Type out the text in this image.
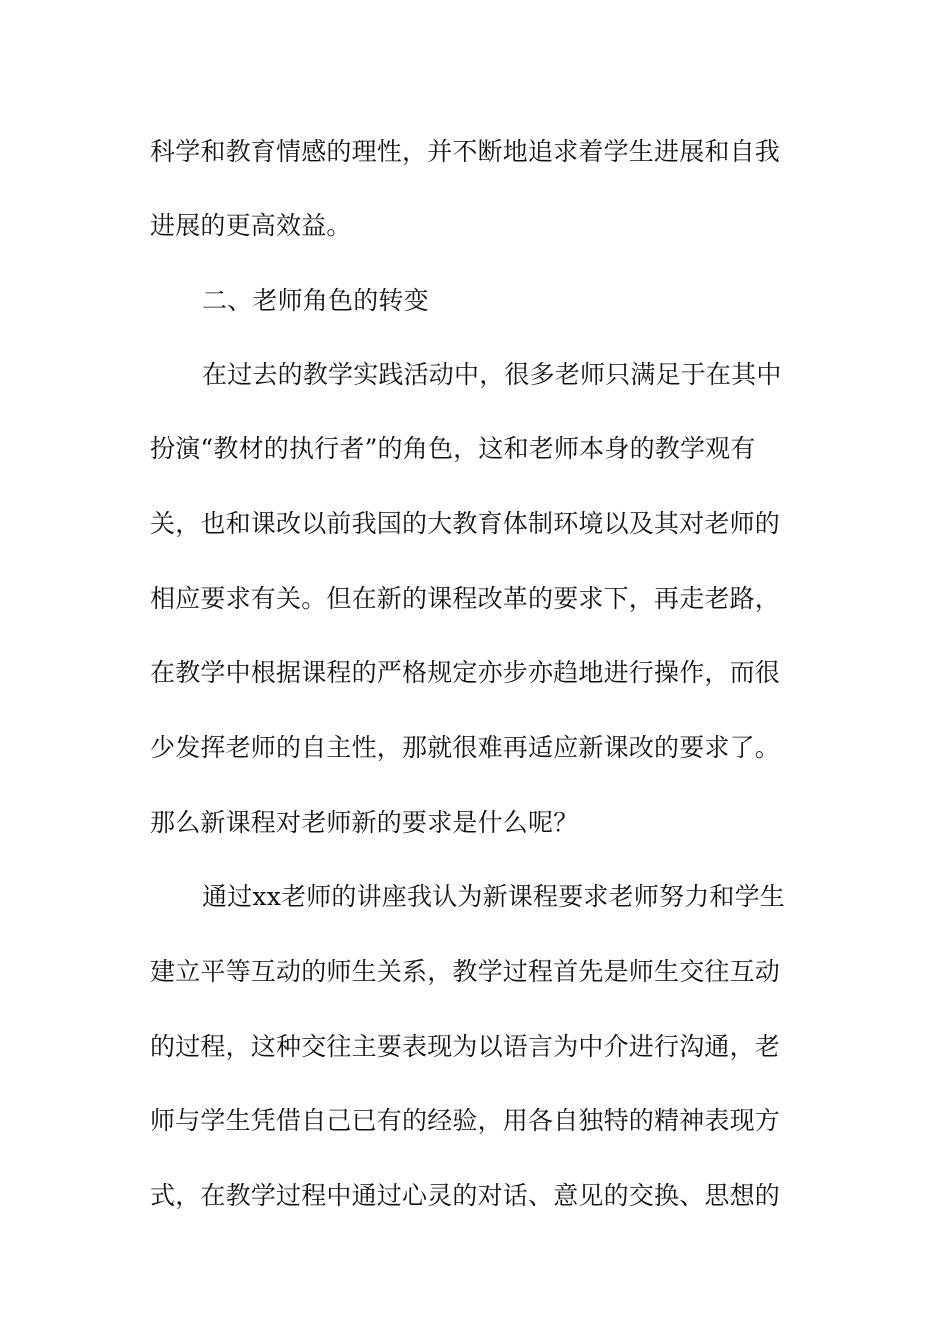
科学和教育情感的理性，并不断地追求着学生进展和自我
进展的更高效益。
二、老师角色的转变
在过去的教学实践活动中，很多老师只满足于在其中
扮演“教材的执行者”的角色，这和老师本身的教学观有
关，也和课改以前我国的大教育体制环境以及其对老师的
相应要求有关。但在新的课程改革的要求下，再走老路，
在教学中根据课程的严格规定亦步亦趋地进行操作，而很
少发挥老师的自主性，那就很难再适应新课改的要求了。
那么新课程对老师新的要求是什么呢？
通过xx老师的讲座我认为新课程要求老师努力和学生
建立平等互动的师生关系，教学过程首先是师生交往互动
的过程，这种交往主要表现为以语言为中介进行沟通，老
师与学生凭借自己已有的经验，用各自独特的精神表现方
式，在教学过程中通过心灵的对话、意见的交换、思想的
